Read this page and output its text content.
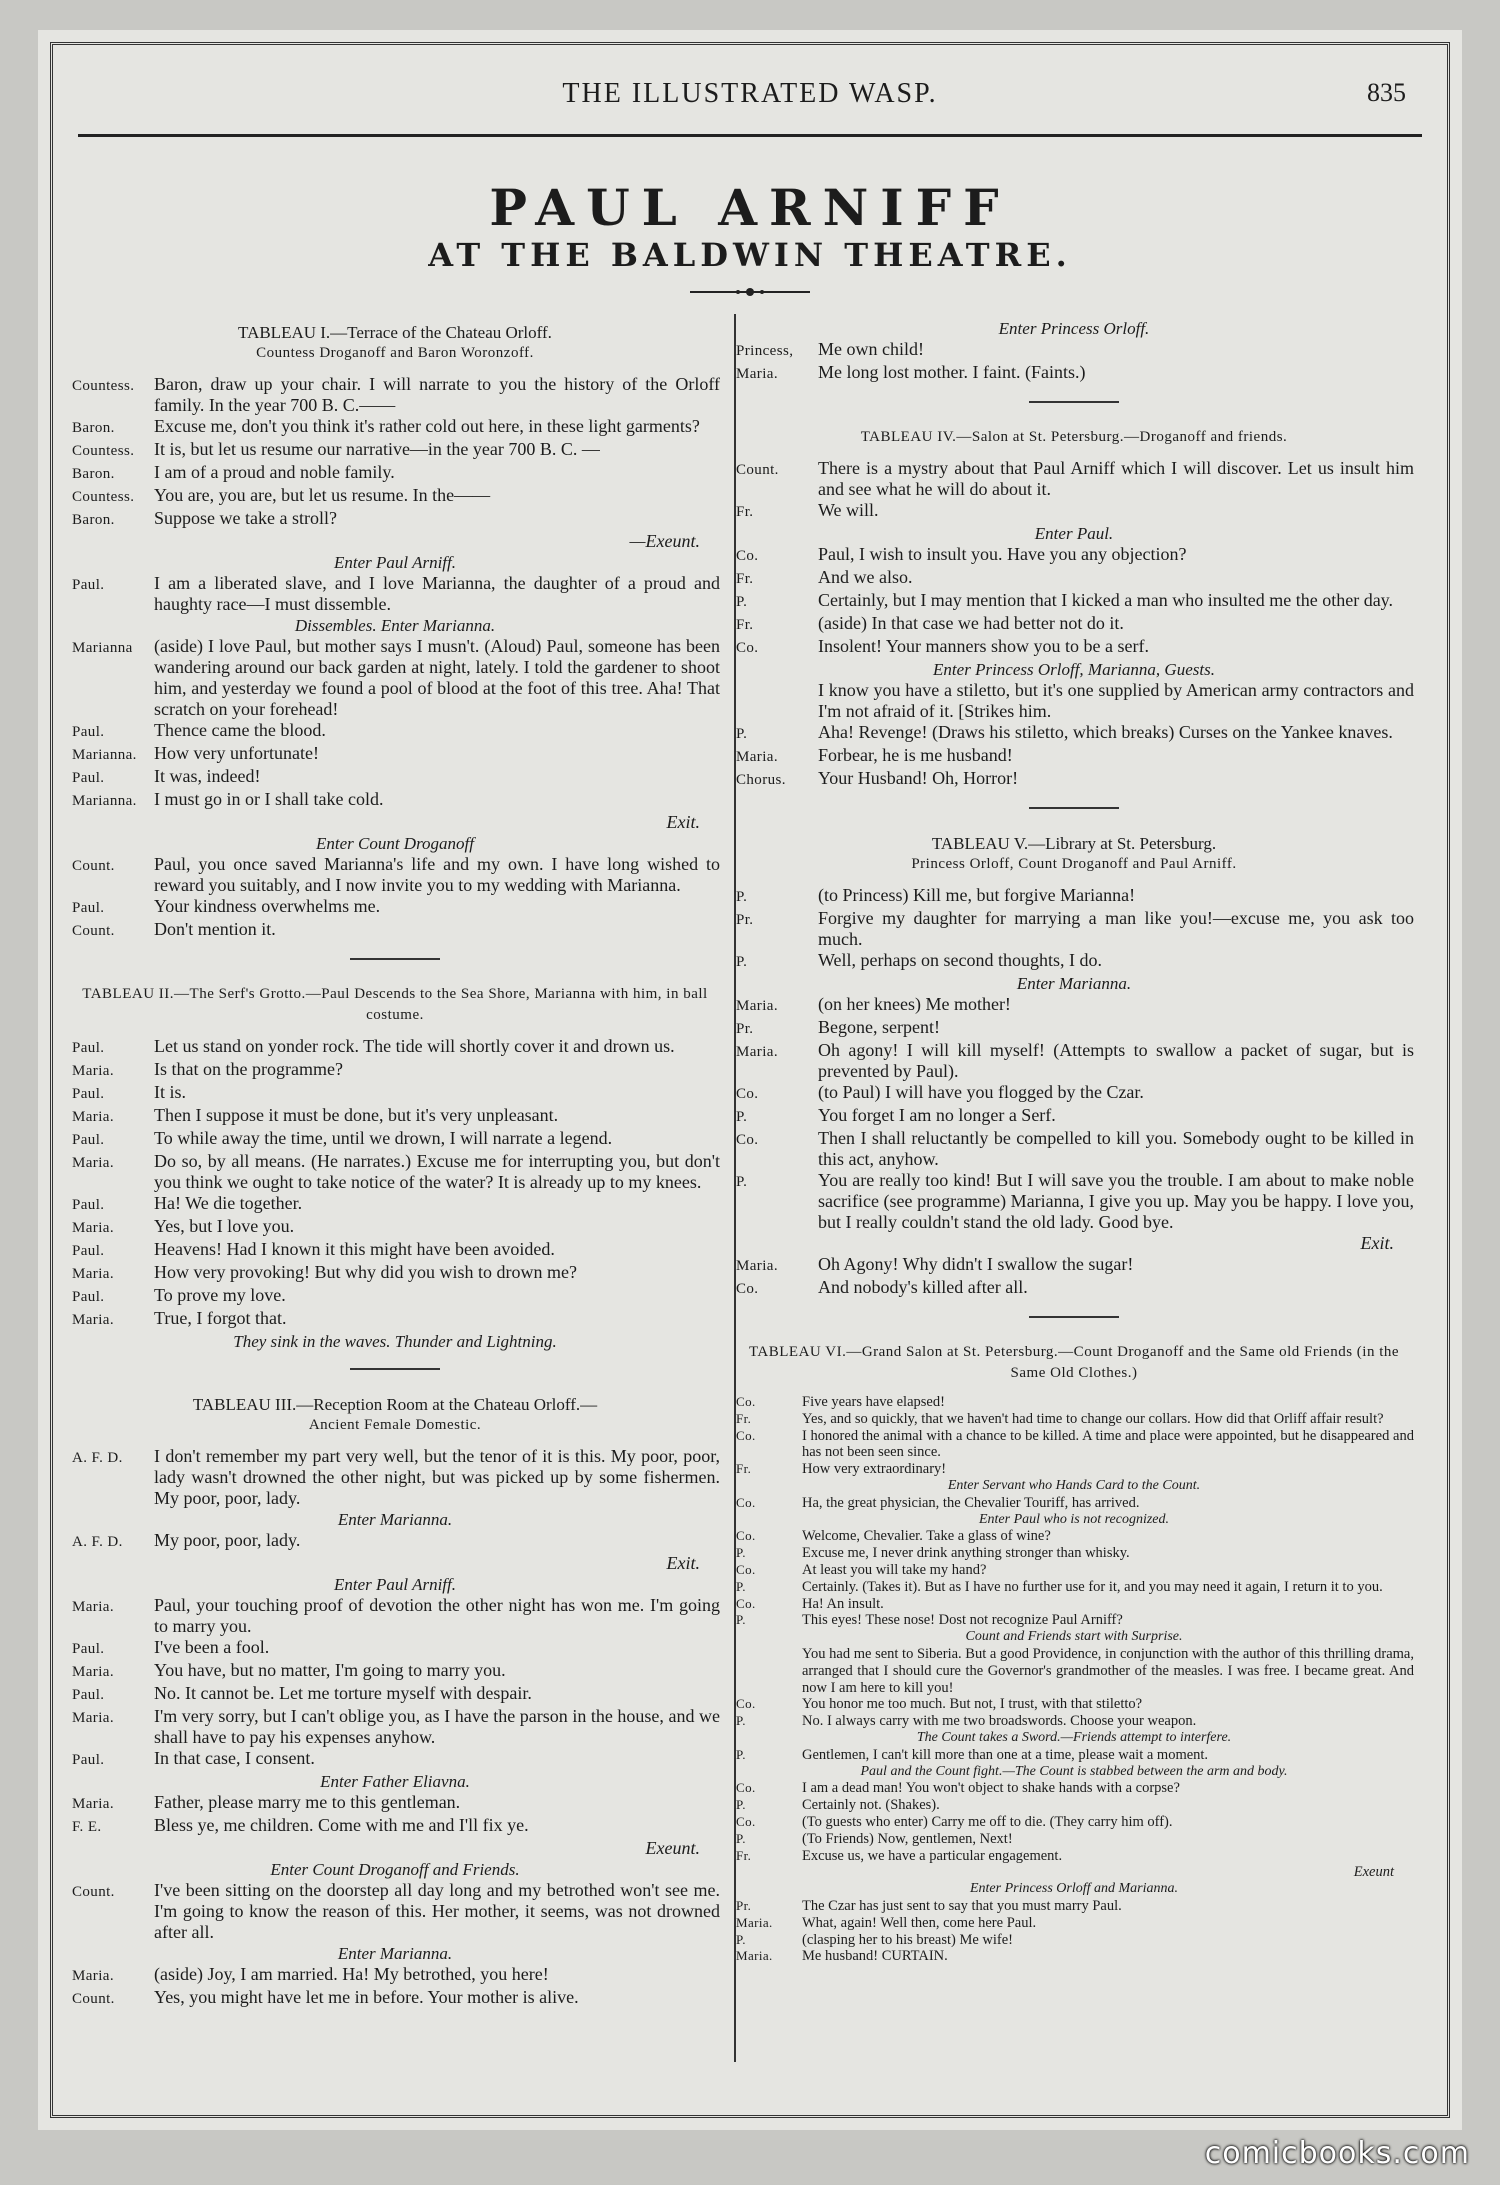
THE ILLUSTRATED WASP.	835
PAUL ARNIFF
AT THE BALDWIN THEATRE.
TABLEAU I.—Terrace of the Chateau Orloff.
Countess Droganoff and Baron Woronzoff.
Countess.	Baron, draw up your chair. I will narrate to you the history of the Orloff family. In the year 700 B. C.——
Baron.	Excuse me, don't you think it's rather cold out here, in these light garments?
Countess.	It is, but let us resume our narrative—in the year 700 B. C. —
Baron.	I am of a proud and noble family.
Countess.	You are, you are, but let us resume. In the——
Baron.	Suppose we take a stroll?
—Exeunt.
Enter Paul Arniff.
Paul.	I am a liberated slave, and I love Marianna, the daughter of a proud and haughty race—I must dissemble.
Dissembles. Enter Marianna.
Marianna	(aside) I love Paul, but mother says I musn't. (Aloud) Paul, someone has been wandering around our back garden at night, lately. I told the gardener to shoot him, and yesterday we found a pool of blood at the foot of this tree. Aha! That scratch on your forehead!
Paul.	Thence came the blood.
Marianna. How very unfortunate!
Paul.	It was, indeed!
Marianna. I must go in or I shall take cold.
Exit.
Enter Count Droganoff
Count.	Paul, you once saved Marianna's life and my own. I have long wished to reward you suitably, and I now invite you to my wedding with Marianna.
Paul.	Your kindness overwhelms me.
Count.	Don't mention it.
TABLEAU II.—The Serf's Grotto.—Paul Descends to the Sea Shore, Marianna with him, in ball costume.
Paul.	Let us stand on yonder rock. The tide will shortly cover it and drown us.
Maria.	Is that on the programme?
Paul.	It is.
Maria.	Then I suppose it must be done, but it's very unpleasant.
Paul.	To while away the time, until we drown, I will narrate a legend.
Maria.	Do so, by all means. (He narrates.) Excuse me for interrupting you, but don't you think we ought to take notice of the water? It is already up to my knees.
Paul.	Ha! We die together.
Maria.	Yes, but I love you.
Paul.	Heavens! Had I known it this might have been avoided.
Maria.	How very provoking! But why did you wish to drown me?
Paul.	To prove my love.
Maria.	True, I forgot that.
They sink in the waves. Thunder and Lightning.
TABLEAU III.—Reception Room at the Chateau Orloff.—
Ancient Female Domestic.
A. F. D.	I don't remember my part very well, but the tenor of it is this. My poor, poor, lady wasn't drowned the other night, but was picked up by some fishermen. My poor, poor, lady.
Enter Marianna.
A. F. D.	My poor, poor, lady.
Exit.
Enter Paul Arniff.
Maria.	Paul, your touching proof of devotion the other night has won me. I'm going to marry you.
Paul.	I've been a fool.
Maria.	You have, but no matter, I'm going to marry you.
Paul.	No. It cannot be. Let me torture myself with despair.
Maria.	I'm very sorry, but I can't oblige you, as I have the parson in the house, and we shall have to pay his expenses anyhow.
Paul.	In that case, I consent.
Enter Father Eliavna.
Maria.	Father, please marry me to this gentleman.
F. E.	Bless ye, me children. Come with me and I'll fix ye.
Exeunt.
Enter Count Droganoff and Friends.
Count.	I've been sitting on the doorstep all day long and my betrothed won't see me. I'm going to know the reason of this. Her mother, it seems, was not drowned after all.
Enter Marianna.
Maria.	(aside) Joy, I am married. Ha! My betrothed, you here!
Count.	Yes, you might have let me in before. Your mother is alive.
Enter Princess Orloff.
Princess,	Me own child!
Maria.	Me long lost mother. I faint. (Faints.)
TABLEAU IV.—Salon at St. Petersburg.—Droganoff and friends.
Count.	There is a mystry about that Paul Arniff which I will discover. Let us insult him and see what he will do about it.
Fr.	We will.
Enter Paul.
Co.	Paul, I wish to insult you. Have you any objection?
Fr.	And we also.
P.	Certainly, but I may mention that I kicked a man who insulted me the other day.
Fr.	(aside) In that case we had better not do it.
Co.	Insolent! Your manners show you to be a serf.
Enter Princess Orloff, Marianna, Guests.
I know you have a stiletto, but it's one supplied by American army contractors and I'm not afraid of it. [Strikes him.
P.	Aha! Revenge! (Draws his stiletto, which breaks) Curses on the Yankee knaves.
Maria.	Forbear, he is me husband!
Chorus.	Your Husband! Oh, Horror!
TABLEAU V.—Library at St. Petersburg.
Princess Orloff, Count Droganoff and Paul Arniff.
P.	(to Princess) Kill me, but forgive Marianna!
Pr.	Forgive my daughter for marrying a man like you!—excuse me, you ask too much.
P.	Well, perhaps on second thoughts, I do.
Enter Marianna.
Maria.	(on her knees) Me mother!
Pr.	Begone, serpent!
Maria.	Oh agony! I will kill myself! (Attempts to swallow a packet of sugar, but is prevented by Paul).
Co.	(to Paul) I will have you flogged by the Czar.
P.	You forget I am no longer a Serf.
Co.	Then I shall reluctantly be compelled to kill you. Somebody ought to be killed in this act, anyhow.
P.	You are really too kind! But I will save you the trouble. I am about to make noble sacrifice (see programme) Marianna, I give you up. May you be happy. I love you, but I really couldn't stand the old lady. Good bye.
Exit.
Maria.	Oh Agony! Why didn't I swallow the sugar!
Co.	And nobody's killed after all.
TABLEAU VI.—Grand Salon at St. Petersburg.—Count Droganoff and the Same old Friends (in the Same Old Clothes.)
Co.	Five years have elapsed!
Fr.	Yes, and so quickly, that we haven't had time to change our collars. How did that Orliff affair result?
Co.	I honored the animal with a chance to be killed. A time and place were appointed, but he disappeared and has not been seen since.
Fr.	How very extraordinary!
Enter Servant who Hands Card to the Count.
Co.	Ha, the great physician, the Chevalier Touriff, has arrived.
Enter Paul who is not recognized.
Co.	Welcome, Chevalier. Take a glass of wine?
P.	Excuse me, I never drink anything stronger than whisky.
Co.	At least you will take my hand?
P.	Certainly. (Takes it). But as I have no further use for it, and you may need it again, I return it to you.
Co.	Ha! An insult.
P.	This eyes! These nose! Dost not recognize Paul Arniff?
Count and Friends start with Surprise.
You had me sent to Siberia. But a good Providence, in conjunction with the author of this thrilling drama, arranged that I should cure the Governor's grandmother of the measles. I was free. I became great. And now I am here to kill you!
Co.	You honor me too much. But not, I trust, with that stiletto?
P.	No. I always carry with me two broadswords. Choose your weapon.
The Count takes a Sword.—Friends attempt to interfere.
P.	Gentlemen, I can't kill more than one at a time, please wait a moment.
Paul and the Count fight.—The Count is stabbed between the arm and body.
Co.	I am a dead man! You won't object to shake hands with a corpse?
P.	Certainly not. (Shakes).
Co.	(To guests who enter) Carry me off to die. (They carry him off).
P.	(To Friends) Now, gentlemen, Next!
Fr.	Excuse us, we have a particular engagement.
Exeunt
Enter Princess Orloff and Marianna.
Pr.	The Czar has just sent to say that you must marry Paul.
Maria.	What, again! Well then, come here Paul.
P.	(clasping her to his breast) Me wife!
Maria.	Me husband! CURTAIN.
comicbooks.com
